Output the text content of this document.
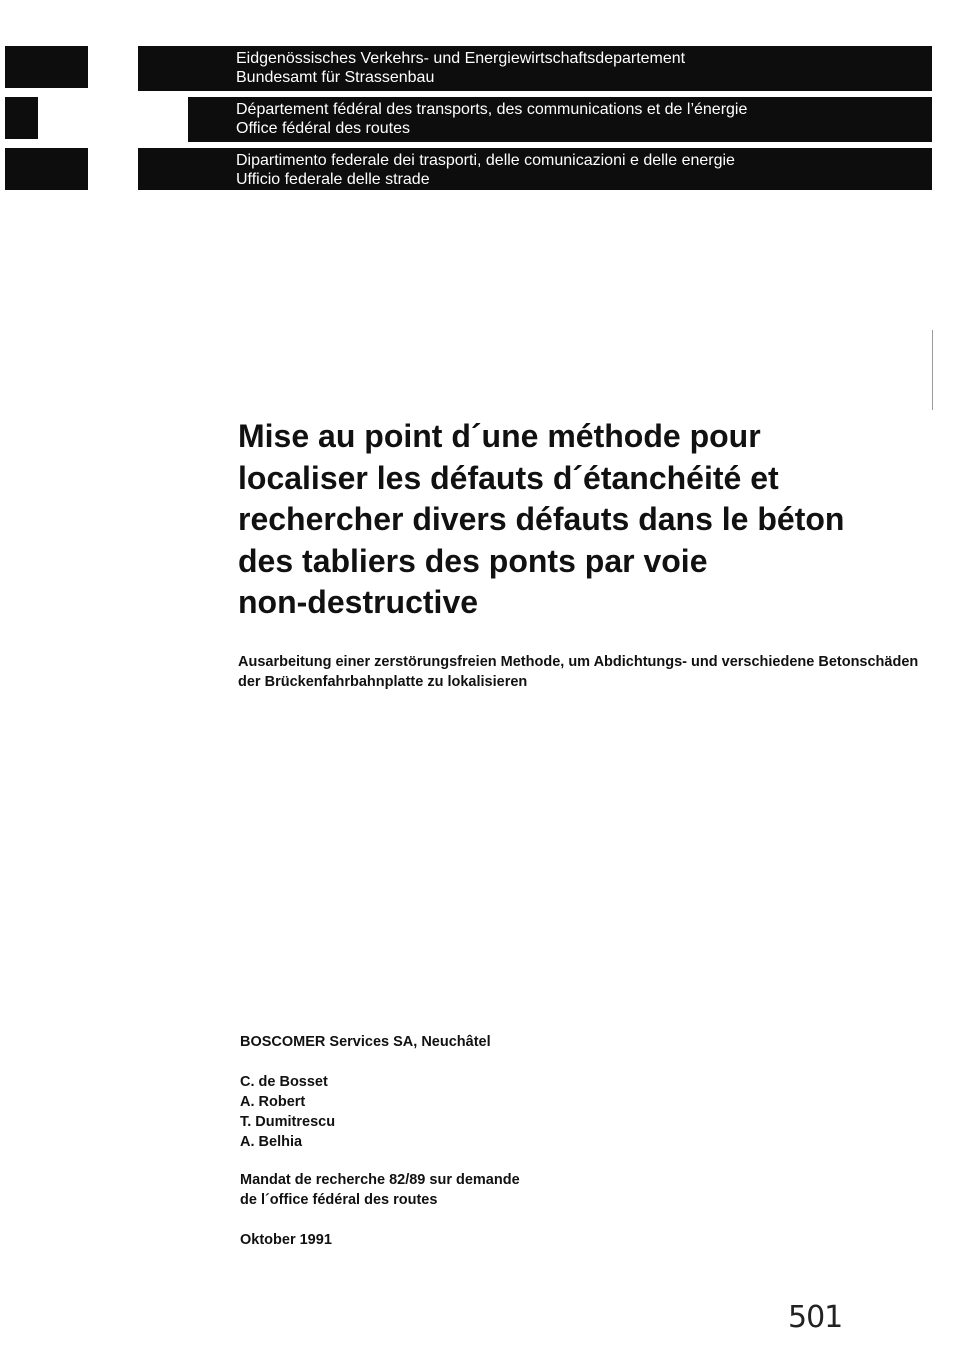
Eidgenössisches Verkehrs- und Energiewirtschaftsdepartement
Bundesamt für Strassenbau
Département fédéral des transports, des communications et de l’énergie
Office fédéral des routes
Dipartimento federale dei trasporti, delle comunicazioni e delle energie
Ufficio federale delle strade
Mise au point d´une méthode pour
localiser les défauts d´étanchéité et
rechercher divers défauts dans le béton
des tabliers des ponts par voie
non-destructive

Ausarbeitung einer zerstörungsfreien Methode, um Abdichtungs- und verschiedene Betonschäden der Brückenfahrbahnplatte zu lokalisieren

BOSCOMER Services SA, Neuchâtel

C. de Bosset
A. Robert
T. Dumitrescu
A. Belhia
Mandat de recherche 82/89 sur demande
de l´office fédéral des routes

Oktober 1991

501
